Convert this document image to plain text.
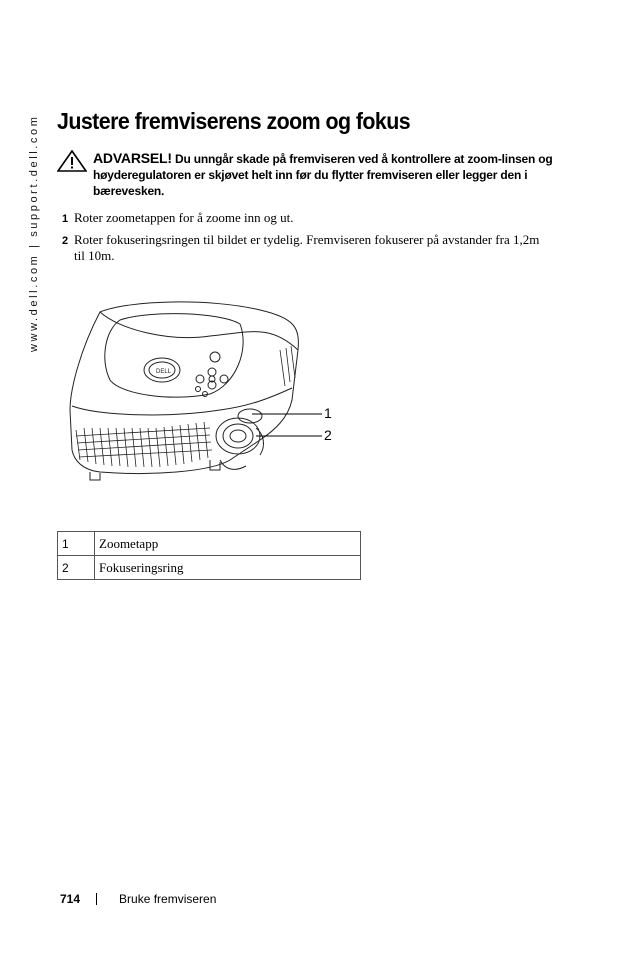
www.dell.com | support.dell.com Justere fremviserens zoom og fokus
ADVARSEL! Du unngår skade på fremviseren ved å kontrollere at zoom-linsen og høyderegulatoren er skjøvet helt inn før du flytter fremviseren eller legger den i bærevesken.
1 Roter zoometappen for å zoome inn og ut.
2 Roter fokuseringsringen til bildet er tydelig. Fremviseren fokuserer på avstander fra 1,2m til 10m.
DELL
1
2
1	Zoometapp
2	Fokuseringsring
714	Bruke fremviseren
